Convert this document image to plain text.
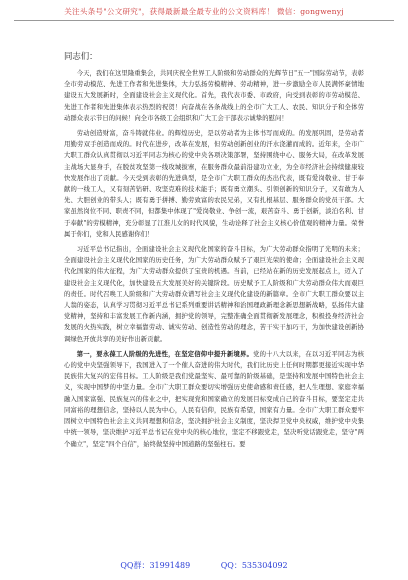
关注头条号"公文研究"，获得最新最全最专业的公文资料库！ 微信：gongwenyj
同志们：

今天，我们在这里隆重集会，共同庆祝全世界工人阶级和劳动群众的光辉节日"五一"国际劳动节，表彰全市劳动模范、先进工作者和先进集体，大力弘扬劳模精神、劳动精神，进一步激励全市人民满怀豪情地建设五大发展新时，全面建设社会主义现代化。首先，我代表市委、市政府，向受到表彰的市劳动模范、先进工作者和先进集体表示热烈的祝贺！向奋战在各条战线上的全市广大工人、农民、知识分子和全体劳动群众表示节日的问候！向全市各级工会组织和广大工会干部表示诚挚的慰问！

劳动创造财富，奋斗铸就伟业。的辉煌历史，是以劳动者为主体书写而成的。的发展巩固，是劳动者用勤劳双手创造而成的。时代在进步，改革在发展，但劳动创新创业的汗水浇灌而成的。近年来，全市广大职工群众认真贯彻以习近平同志为核心的党中央各项决策部署，坚持围绕中心、服务大局，在改革发展主战场大显身手，在脱贫攻坚第一线攻城拔寨，在服务群众最前沿建功立业，为全市经济社会持续健康较快发展作出了贡献。今天受到表彰的先进典型，是全市广大职工群众的杰出代表，既有爱岗敬业、甘于奉献的一线工人，又有刻苦钻研、攻坚克难的技术能手；既有勇立潮头、引领创新的知识分子，又有敢为人先、大胆创业的带头人；既有勇于拼搏、勤劳致富的农民兄弟，又有扎根基层、服务群众的党员干部。大家虽然岗位不同、职责不同，但都集中体现了"爱岗敬业、争创一流，艰苦奋斗、勇于创新，淡泊名利、甘于奉献"的劳模精神，充分彰显了江淮儿女的时代风貌，生动诠释了社会主义核心价值观的精神力量。荣誉属于你们，党和人民感谢你们！

习近平总书记指出，全面建设社会主义现代化国家的奋斗目标，为广大劳动群众指明了光明的未来；全面建设社会主义现代化国家的历史任务，为广大劳动群众赋予了艰巨光荣的使命；全面建设社会主义现代化国家的伟大征程，为广大劳动群众提供了宝贵的机遇。当前，已经站在新的历史发展起点上，迈入了建设社会主义现代化，加快建设五大发展美好的关键阶段。历史赋予工人阶级和广大劳动群众伟大而艰巨的责任。时代召唤工人阶级和广大劳动群众谱写社会主义现代化建设的新篇章。全市广大职工群众要以主人翁的姿态，认真学习贯彻习近平总书记系列重要讲话精神和治国理政新理念新思想新战略，弘扬伟大建党精神，坚持和丰富发展工作新内涵，拥护党的领导，完整准确全面贯彻新发展理念，积极投身经济社会发展的火热实践，树立幸福靠劳动、诚实劳动、创造性劳动的理念，苦干实干加巧干，为加快建设创新协调绿色开放共享的美好作出新贡献。

第一，要永葆工人阶级的先进性，在坚定信仰中提升新境界。党的十八大以来，在以习近平同志为核心的党中央坚强领导下，我国进入了一个催人奋进的伟大时代，我们比历史上任何时期都更接近实现中华民族伟大复兴的宏伟目标。工人阶级是我们党最坚实、最可靠的阶级基础，是坚持和发展中国特色社会主义，实现中国梦的中坚力量。全市广大职工群众要切实增强历史使命感和责任感，把人生理想、家庭幸福融入国家富强、民族复兴的伟业之中，把实现党和国家确立的发展目标变成自己的奋斗目标，要坚定走共同富裕的理想信念，坚持以人民为中心，人民有信仰，民族有希望，国家有力量。全市广大职工群众要牢固树立中国特色社会主义共同理想和信念，坚决拥护社会主义制度，坚决捍卫党中央权威，维护党中央集中统一领导，坚决维护习近平总书记在党中央的核心地位，坚定不移跟党走，坚决听党话跟党走，坚守"两个确立"，坚定"四个自信"，始终做坚持中国道路的坚强柱石。要

QQ群：31991489	QQ：535304092
